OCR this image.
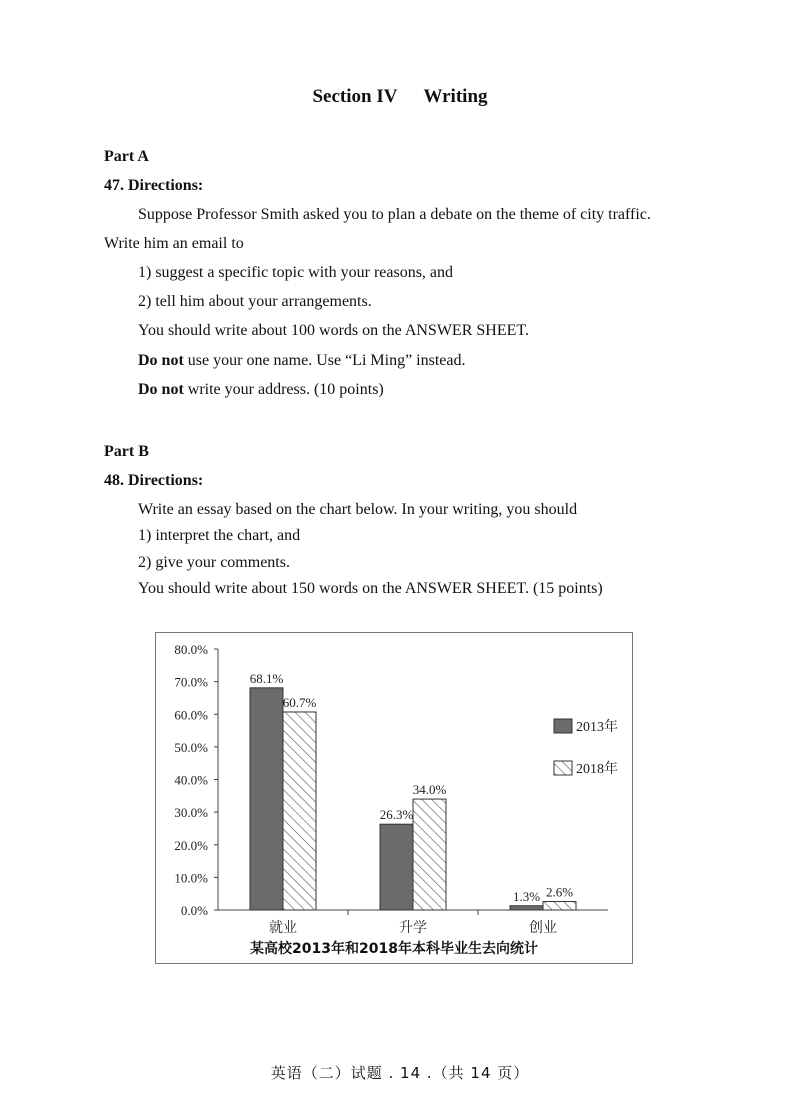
Section IV Writing
Part A
47. Directions:
Suppose Professor Smith asked you to plan a debate on the theme of city traffic.
Write him an email to
1) suggest a specific topic with your reasons, and
2) tell him about your arrangements.
You should write about 100 words on the ANSWER SHEET.
Do not use your one name. Use “Li Ming” instead.
Do not write your address. (10 points)
Part B
48. Directions:
Write an essay based on the chart below. In your writing, you should
1) interpret the chart, and
2) give your comments.
You should write about 150 words on the ANSWER SHEET. (15 points)
0.0%
10.0%
20.0%
30.0%
40.0%
50.0%
60.0%
70.0%
80.0%
就业
68.1%
60.7%
升学
26.3%
34.0%
创业
1.3% 2.6%
2013年
2018年
某高校2013年和2018年本科毕业生去向统计
英语（二）试题 . 14 .（共 14 页）
